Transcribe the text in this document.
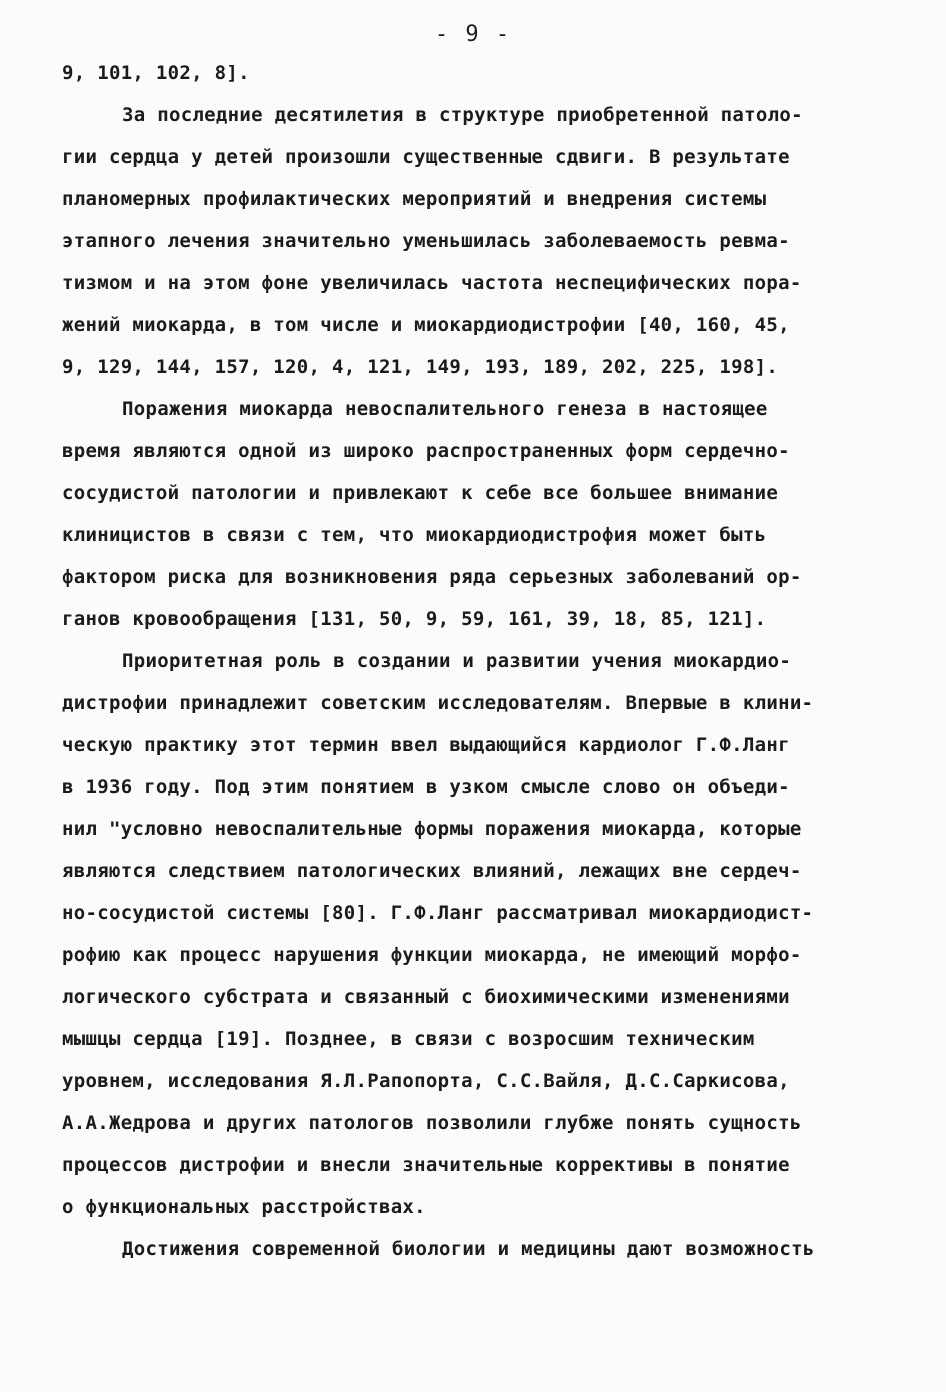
- 9 -
9, 101, 102, 8].
За последние десятилетия в структуре приобретенной патоло-
гии сердца у детей произошли существенные сдвиги. В результате
планомерных профилактических мероприятий и внедрения системы
этапного лечения значительно уменьшилась заболеваемость ревма-
тизмом и на этом фоне увеличилась частота неспецифических пора-
жений миокарда, в том числе и миокардиодистрофии [40, 160, 45,
9, 129, 144, 157, 120, 4, 121, 149, 193, 189, 202, 225, 198].
Поражения миокарда невоспалительного генеза в настоящее
время являются одной из широко распространенных форм сердечно-
сосудистой патологии и привлекают к себе все большее внимание
клиницистов в связи с тем, что миокардиодистрофия может быть
фактором риска для возникновения ряда серьезных заболеваний ор-
ганов кровообращения [131, 50, 9, 59, 161, 39, 18, 85, 121].
Приоритетная роль в создании и развитии учения миокардио-
дистрофии принадлежит советским исследователям. Впервые в клини-
ческую практику этот термин ввел выдающийся кардиолог Г.Ф.Ланг
в 1936 году. Под этим понятием в узком смысле слово он объеди-
нил "условно невоспалительные формы поражения миокарда, которые
являются следствием патологических влияний, лежащих вне сердеч-
но-сосудистой системы [80]. Г.Ф.Ланг рассматривал миокардиодист-
рофию как процесс нарушения функции миокарда, не имеющий морфо-
логического субстрата и связанный с биохимическими изменениями
мышцы сердца [19]. Позднее, в связи с возросшим техническим
уровнем, исследования Я.Л.Рапопорта, С.С.Вайля, Д.С.Саркисова,
А.А.Жедрова и других патологов позволили глубже понять сущность
процессов дистрофии и внесли значительные коррективы в понятие
о функциональных расстройствах.
Достижения современной биологии и медицины дают возможность
